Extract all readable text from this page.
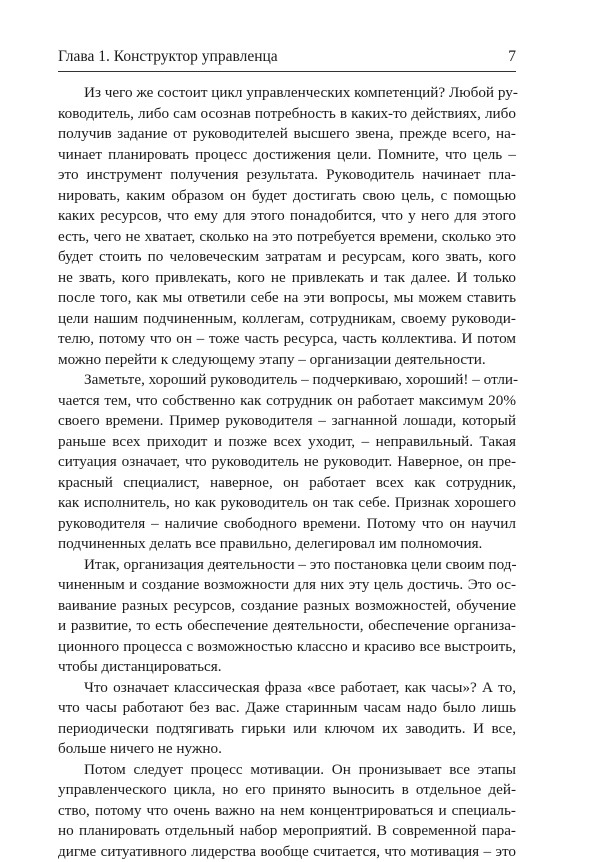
Глава 1. Конструктор управленца	7
Из чего же состоит цикл управленческих компетенций? Любой ру-
ководитель, либо сам осознав потребность в каких-то действиях, либо
получив задание от руководителей высшего звена, прежде всего, на-
чинает планировать процесс достижения цели. Помните, что цель –
это инструмент получения результата. Руководитель начинает пла-
нировать, каким образом он будет достигать свою цель, с помощью
каких ресурсов, что ему для этого понадобится, что у него для этого
есть, чего не хватает, сколько на это потребуется времени, сколько это
будет стоить по человеческим затратам и ресурсам, кого звать, кого
не звать, кого привлекать, кого не привлекать и так далее. И только
после того, как мы ответили себе на эти вопросы, мы можем ставить
цели нашим подчиненным, коллегам, сотрудникам, своему руководи-
телю, потому что он – тоже часть ресурса, часть коллектива. И потом
можно перейти к следующему этапу – организации деятельности.
Заметьте, хороший руководитель – подчеркиваю, хороший! – отли-
чается тем, что собственно как сотрудник он работает максимум 20%
своего времени. Пример руководителя – загнанной лошади, который
раньше всех приходит и позже всех уходит, – неправильный. Такая
ситуация означает, что руководитель не руководит. Наверное, он пре-
красный специалист, наверное, он работает всех как сотрудник,
как исполнитель, но как руководитель он так себе. Признак хорошего
руководителя – наличие свободного времени. Потому что он научил
подчиненных делать все правильно, делегировал им полномочия.
Итак, организация деятельности – это постановка цели своим под-
чиненным и создание возможности для них эту цель достичь. Это ос-
ваивание разных ресурсов, создание разных возможностей, обучение
и развитие, то есть обеспечение деятельности, обеспечение организа-
ционного процесса с возможностью классно и красиво все выстроить,
чтобы дистанцироваться.
Что означает классическая фраза «все работает, как часы»? А то,
что часы работают без вас. Даже старинным часам надо было лишь
периодически подтягивать гирьки или ключом их заводить. И все,
больше ничего не нужно.
Потом следует процесс мотивации. Он пронизывает все этапы
управленческого цикла, но его принято выносить в отдельное дей-
ство, потому что очень важно на нем концентрироваться и специаль-
но планировать отдельный набор мероприятий. В современной пара-
дигме ситуативного лидерства вообще считается, что мотивация – это
